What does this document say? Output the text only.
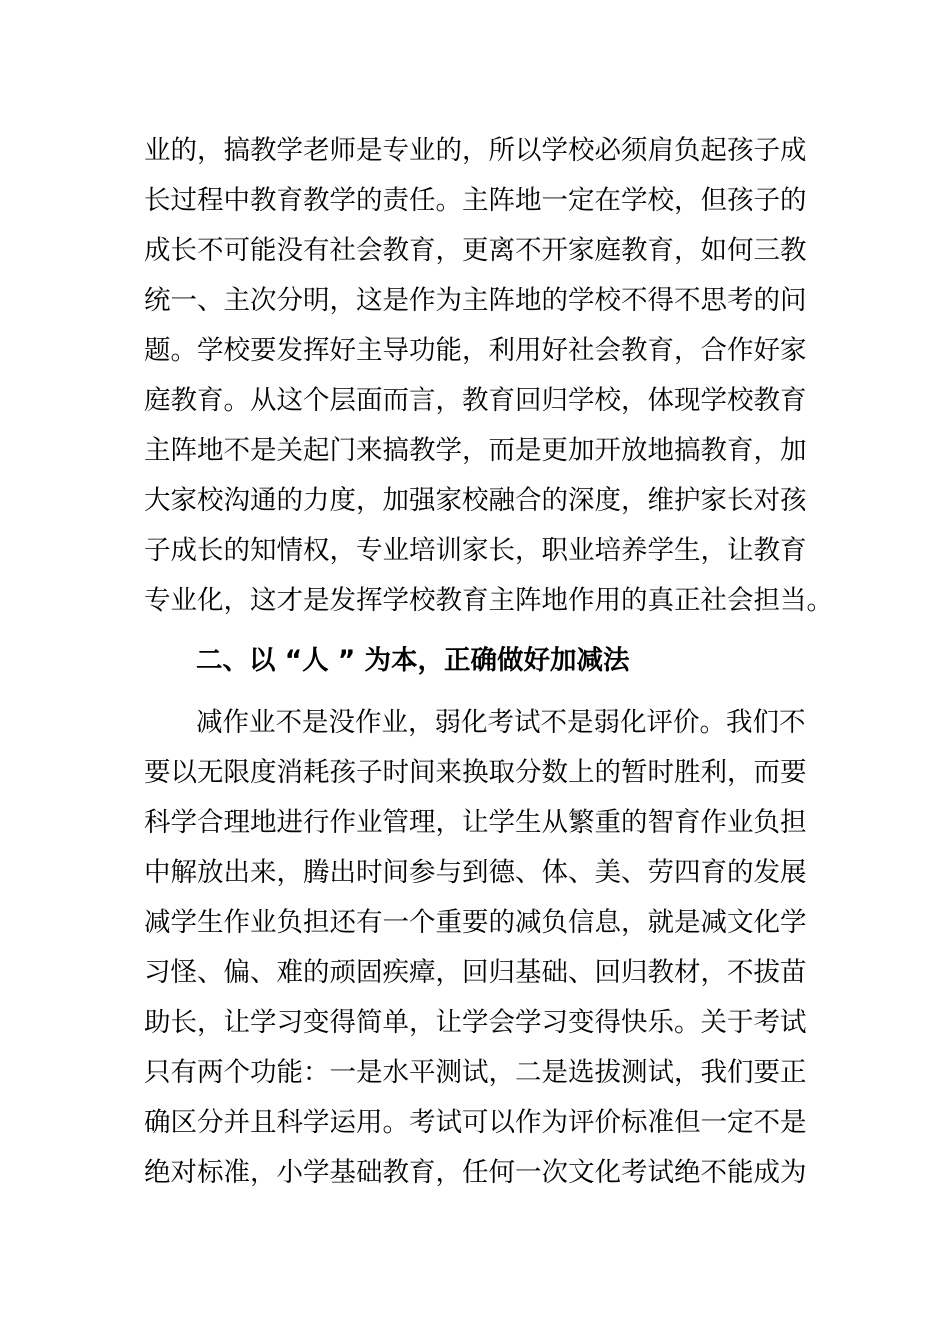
业的，搞教学老师是专业的，所以学校必须肩负起孩子成
长过程中教育教学的责任。主阵地一定在学校，但孩子的
成长不可能没有社会教育，更离不开家庭教育，如何三教
统一、主次分明，这是作为主阵地的学校不得不思考的问
题。学校要发挥好主导功能，利用好社会教育，合作好家
庭教育。从这个层面而言，教育回归学校，体现学校教育
主阵地不是关起门来搞教学，而是更加开放地搞教育，加
大家校沟通的力度，加强家校融合的深度，维护家长对孩
子成长的知情权，专业培训家长，职业培养学生，让教育
专业化，这才是发挥学校教育主阵地作用的真正社会担当。
二、以 “人 ” 为本，正确做好加减法
减作业不是没作业，弱化考试不是弱化评价。我们不
要以无限度消耗孩子时间来换取分数上的暂时胜利，而要
科学合理地进行作业管理，让学生从繁重的智育作业负担
中解放出来，腾出时间参与到德、体、美、劳四育的发展
减学生作业负担还有一个重要的减负信息，就是减文化学
习怪、偏、难的顽固疾瘴，回归基础、回归教材，不拔苗
助长，让学习变得简单，让学会学习变得快乐。关于考试
只有两个功能：一是水平测试，二是选拔测试，我们要正
确区分并且科学运用。考试可以作为评价标准但一定不是
绝对标准，小学基础教育，任何一次文化考试绝不能成为
